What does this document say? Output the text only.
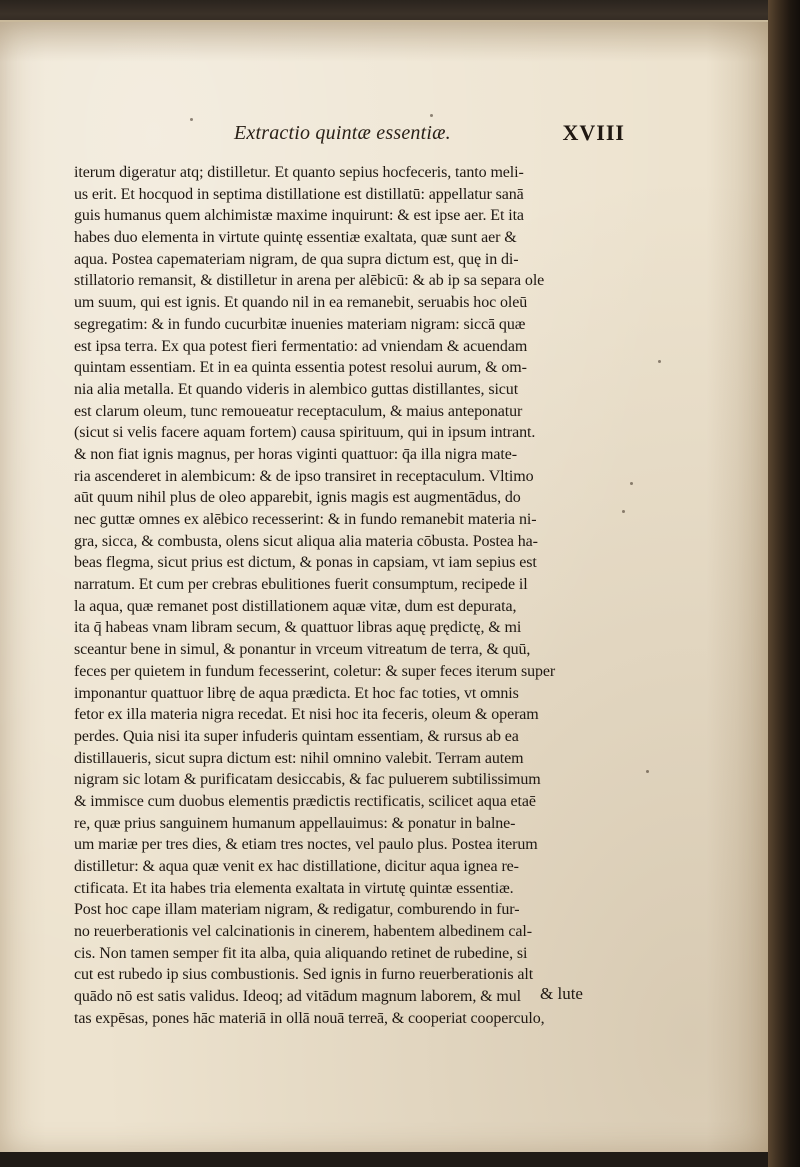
Extractio quintæ essentiæ.	XVIII
iterum digeratur atq; distilletur. Et quanto sepius hocfeceris, tanto meli-
us erit. Et hocquod in septima distillatione est distillatū: appellatur sanā
guis humanus quem alchimistæ maxime inquirunt: & est ipse aer. Et ita
habes duo elementa in virtute quintę essentiæ exaltata, quæ sunt aer &
aqua. Postea capemateriam nigram, de qua supra dictum est, quę in di-
stillatorio remansit, & distilletur in arena per alēbicū: & ab ip sa separa ole
um suum, qui est ignis. Et quando nil in ea remanebit, seruabis hoc oleū
segregatim: & in fundo cucurbitæ inuenies materiam nigram: siccā quæ
est ipsa terra. Ex qua potest fieri fermentatio: ad vniendam & acuendam
quintam essentiam. Et in ea quinta essentia potest resolui aurum, & om-
nia alia metalla. Et quando videris in alembico guttas distillantes, sicut
est clarum oleum, tunc remoueatur receptaculum, & maius anteponatur
(sicut si velis facere aquam fortem) causa spirituum, qui in ipsum intrant.
& non fiat ignis magnus, per horas viginti quattuor: q̄a illa nigra mate-
ria ascenderet in alembicum: & de ipso transiret in receptaculum. Vltimo
aūt quum nihil plus de oleo apparebit, ignis magis est augmentādus, do
nec guttæ omnes ex alēbico recesserint: & in fundo remanebit materia ni-
gra, sicca, & combusta, olens sicut aliqua alia materia cōbusta. Postea ha-
beas flegma, sicut prius est dictum, & ponas in capsiam, vt iam sepius est
narratum. Et cum per crebras ebulitiones fuerit consumptum, recipede il
la aqua, quæ remanet post distillationem aquæ vitæ, dum est depurata,
ita q̄ habeas vnam libram secum, & quattuor libras aquę prędictę, & mi
sceantur bene in simul, & ponantur in vrceum vitreatum de terra, & quū,
feces per quietem in fundum fecesserint, coletur: & super feces iterum super
imponantur quattuor librę de aqua prædicta. Et hoc fac toties, vt omnis
fetor ex illa materia nigra recedat. Et nisi hoc ita feceris, oleum & operam
perdes. Quia nisi ita super infuderis quintam essentiam, & rursus ab ea
distillaueris, sicut supra dictum est: nihil omnino valebit. Terram autem
nigram sic lotam & purificatam desiccabis, & fac puluerem subtilissimum
& immisce cum duobus elementis prædictis rectificatis, scilicet aqua etaē
re, quæ prius sanguinem humanum appellauimus: & ponatur in balne-
um mariæ per tres dies, & etiam tres noctes, vel paulo plus. Postea iterum
distilletur: & aqua quæ venit ex hac distillatione, dicitur aqua ignea re-
ctificata. Et ita habes tria elementa exaltata in virtutę quintæ essentiæ.
Post hoc cape illam materiam nigram, & redigatur, comburendo in fur-
no reuerberationis vel calcinationis in cinerem, habentem albedinem cal-
cis. Non tamen semper fit ita alba, quia aliquando retinet de rubedine, si
cut est rubedo ip sius combustionis. Sed ignis in furno reuerberationis alt
quādo nō est satis validus. Ideoq; ad vitādum magnum laborem, & mul
tas expēsas, pones hāc materiā in ollā nouā terreā, & cooperiat cooperculo,
& lute
